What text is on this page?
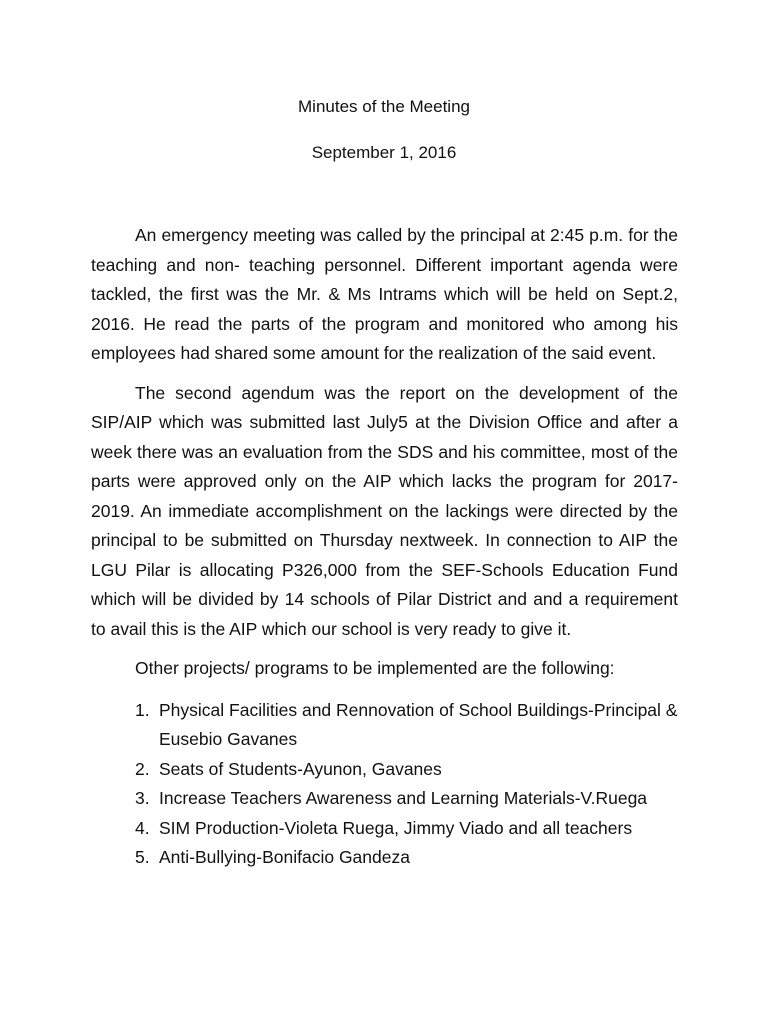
Minutes of the Meeting

September 1, 2016

An emergency meeting was called by the principal at 2:45 p.m. for the teaching and non- teaching personnel. Different important agenda were tackled, the first was the Mr. & Ms Intrams which will be held on Sept.2, 2016. He read the parts of the program and monitored who among his employees had shared some amount for the realization of the said event.

The second agendum was the report on the development of the SIP/AIP which was submitted last July5 at the Division Office and after a week there was an evaluation from the SDS and his committee, most of the parts were approved only on the AIP which lacks the program for 2017-2019. An immediate accomplishment on the lackings were directed by the principal to be submitted on Thursday nextweek. In connection to AIP the LGU Pilar is allocating P326,000 from the SEF-Schools Education Fund which will be divided by 14 schools of Pilar District and and a requirement to avail this is the AIP which our school is very ready to give it.

Other projects/ programs to be implemented are the following:

1. Physical Facilities and Rennovation of School Buildings-Principal & Eusebio Gavanes
2. Seats of Students-Ayunon, Gavanes
3. Increase Teachers Awareness and Learning Materials-V.Ruega
4. SIM Production-Violeta Ruega, Jimmy Viado and all teachers
5. Anti-Bullying-Bonifacio Gandeza
